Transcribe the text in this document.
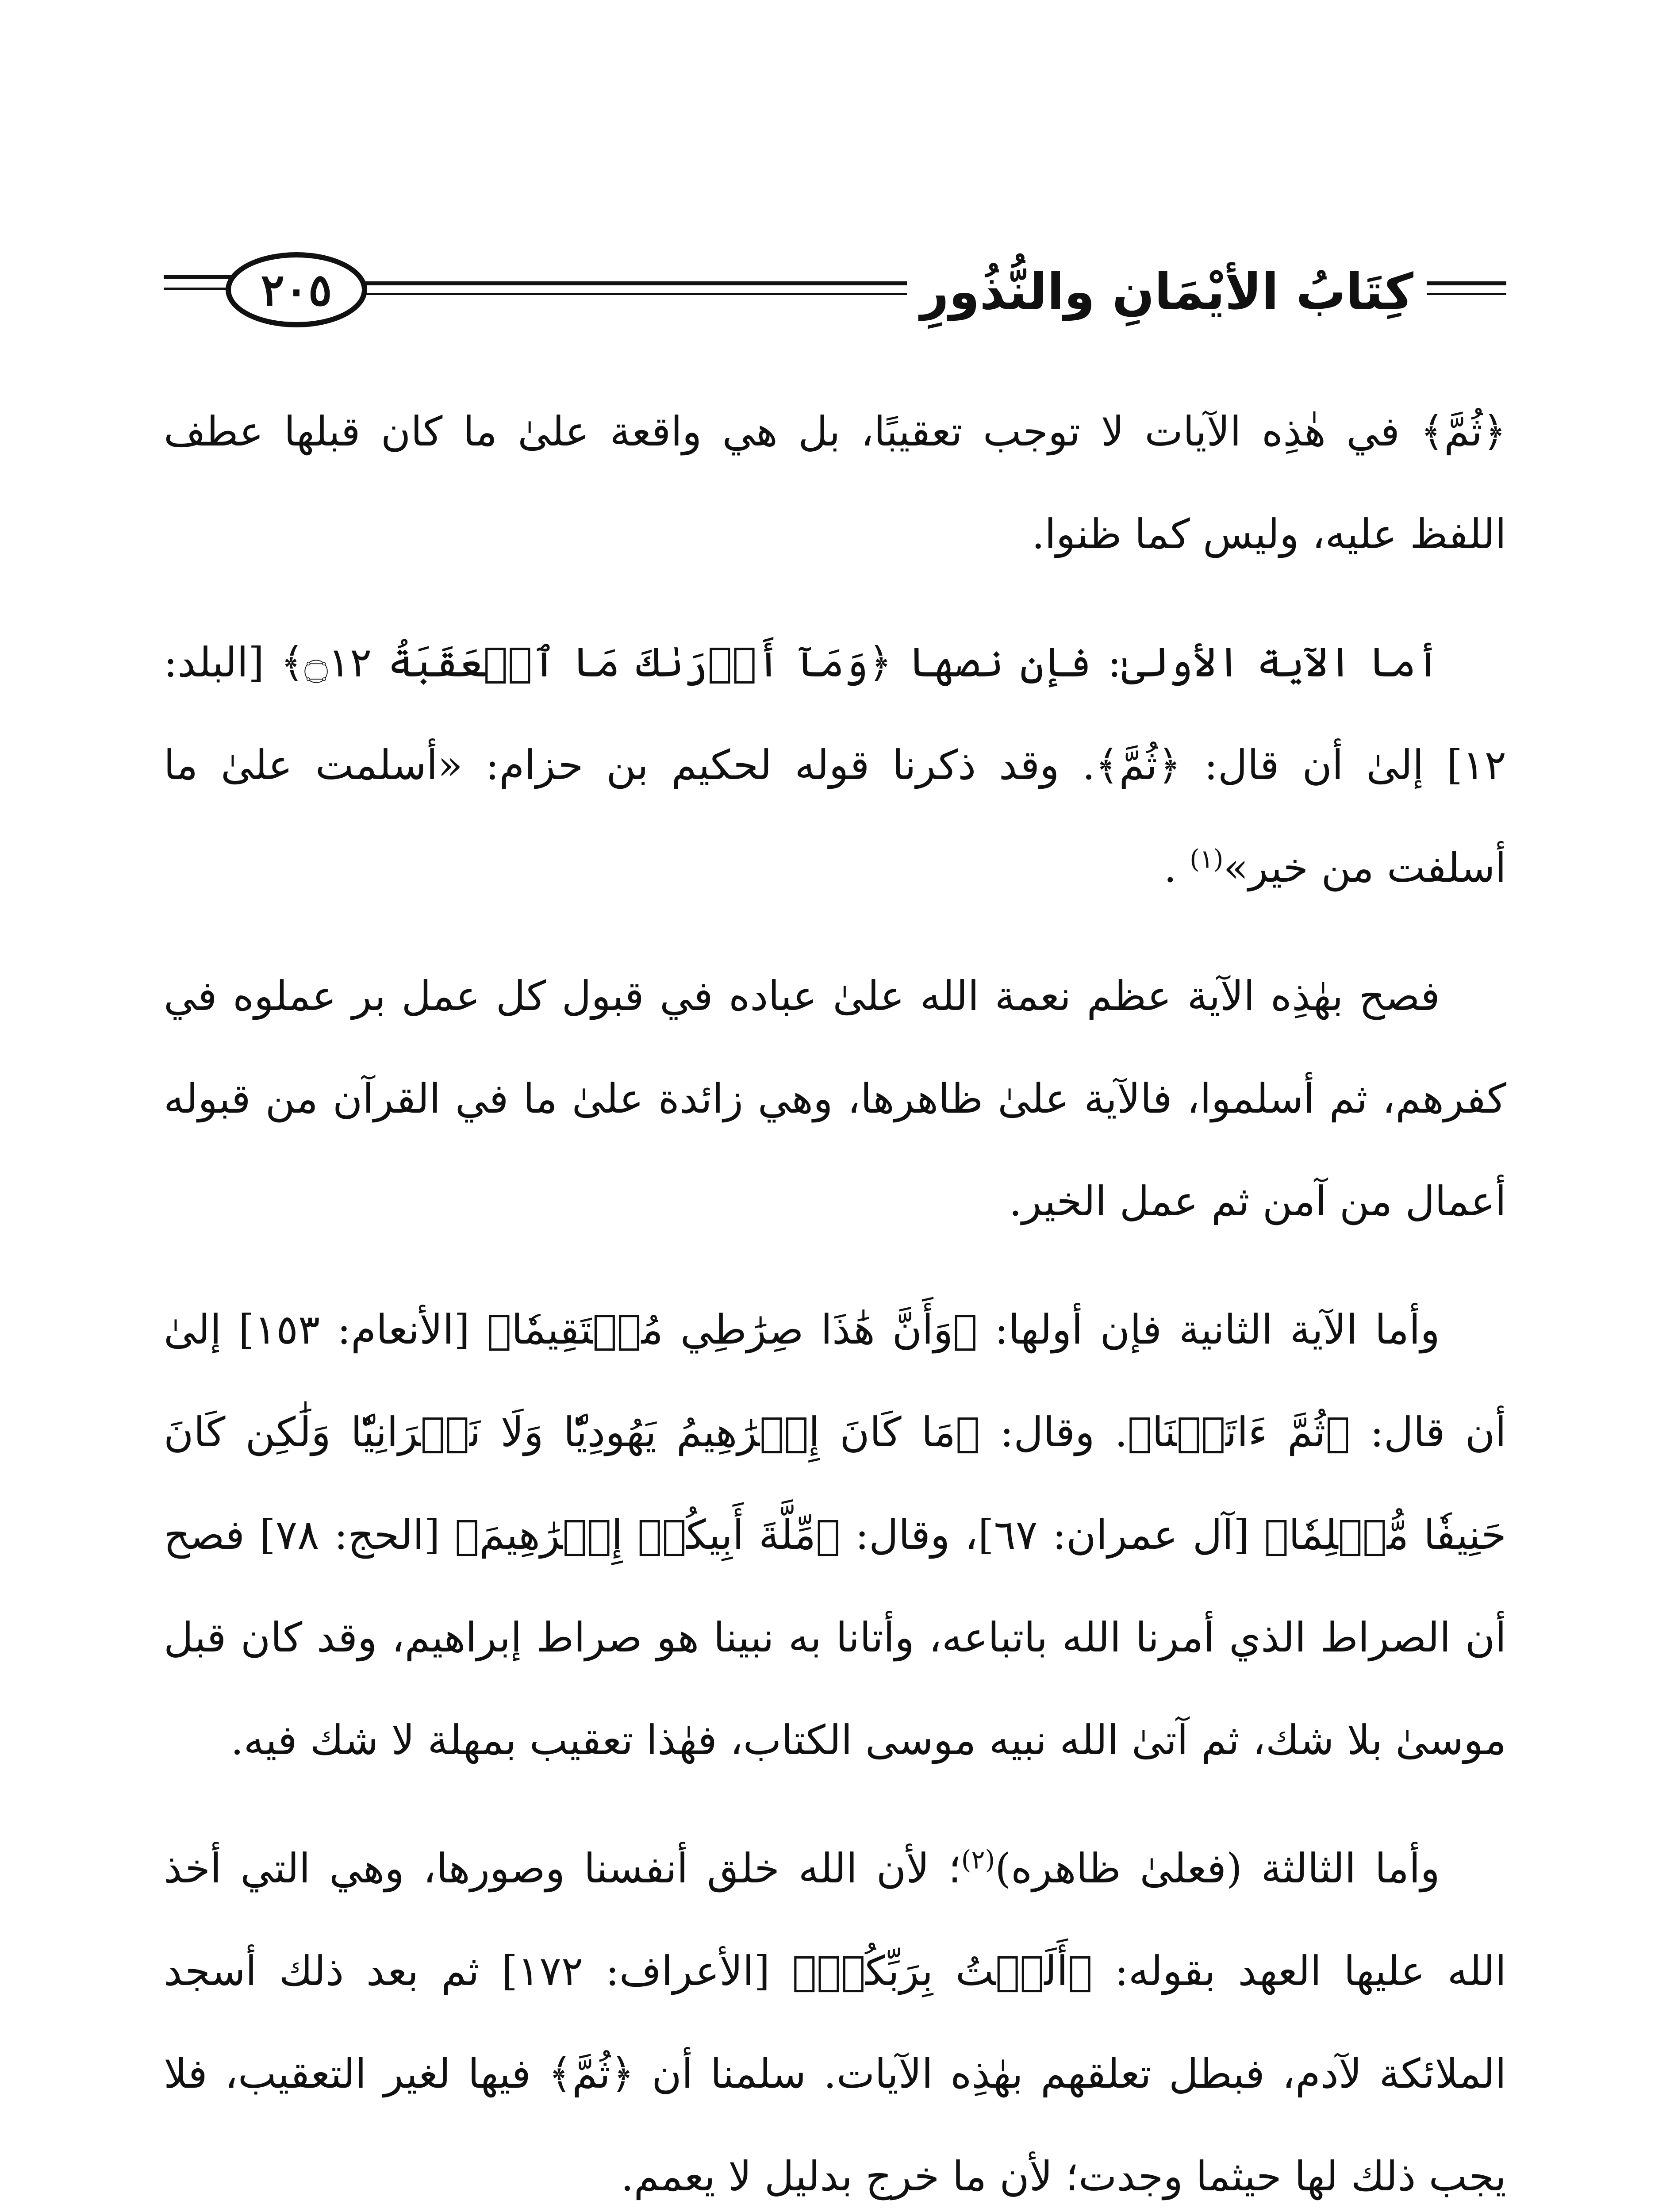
٢٠٥	كِتَابُ الأيْمَانِ والنُّذُورِ

﴿ثُمَّ﴾ في هٰذِه الآيات لا توجب تعقيبًا، بل هي واقعة علىٰ ما كان قبلها عطف اللفظ عليه، وليس كما ظنوا.

أما الآية الأولىٰ: فإن نصها ﴿وَمَآ أَدۡرَىٰكَ مَا ٱلۡعَقَبَةُ ۝١٢﴾ [البلد: ١٢] إلىٰ أن قال: ﴿ثُمَّ﴾. وقد ذكرنا قوله لحكيم بن حزام: «أسلمت علىٰ ما أسلفت من خير»$^{(١)}$ .

فصح بهٰذِه الآية عظم نعمة الله علىٰ عباده في قبول كل عمل بر عملوه في كفرهم، ثم أسلموا، فالآية علىٰ ظاهرها، وهي زائدة علىٰ ما في القرآن من قبوله أعمال من آمن ثم عمل الخير.

وأما الآية الثانية فإن أولها: ﴿وَأَنَّ هَٰذَا صِرَٰطِي مُسۡتَقِيمٗا﴾ [الأنعام: ١٥٣] إلىٰ أن قال: ﴿ثُمَّ ءَاتَيۡنَا﴾. وقال: ﴿مَا كَانَ إِبۡرَٰهِيمُ يَهُودِيّٗا وَلَا نَصۡرَانِيّٗا وَلَٰكِن كَانَ حَنِيفٗا مُّسۡلِمٗا﴾ [آل عمران: ٦٧]، وقال: ﴿مِّلَّةَ أَبِيكُمۡ إِبۡرَٰهِيمَ﴾ [الحج: ٧٨] فصح أن الصراط الذي أمرنا الله باتباعه، وأتانا به نبينا هو صراط إبراهيم، وقد كان قبل موسىٰ بلا شك، ثم آتىٰ الله نبيه موسى الكتاب، فهٰذا تعقيب بمهلة لا شك فيه.

وأما الثالثة (فعلىٰ ظاهره)$^{(٢)}$؛ لأن الله خلق أنفسنا وصورها، وهي التي أخذ الله عليها العهد بقوله: ﴿أَلَسۡتُ بِرَبِّكُمۡ﴾ [الأعراف: ١٧٢] ثم بعد ذلك أسجد الملائكة لآدم، فبطل تعلقهم بهٰذِه الآيات. سلمنا أن ﴿ثُمَّ﴾ فيها لغير التعقيب، فلا يجب ذلك لها حيثما وجدت؛ لأن ما خرج بدليل لا يعمم.
